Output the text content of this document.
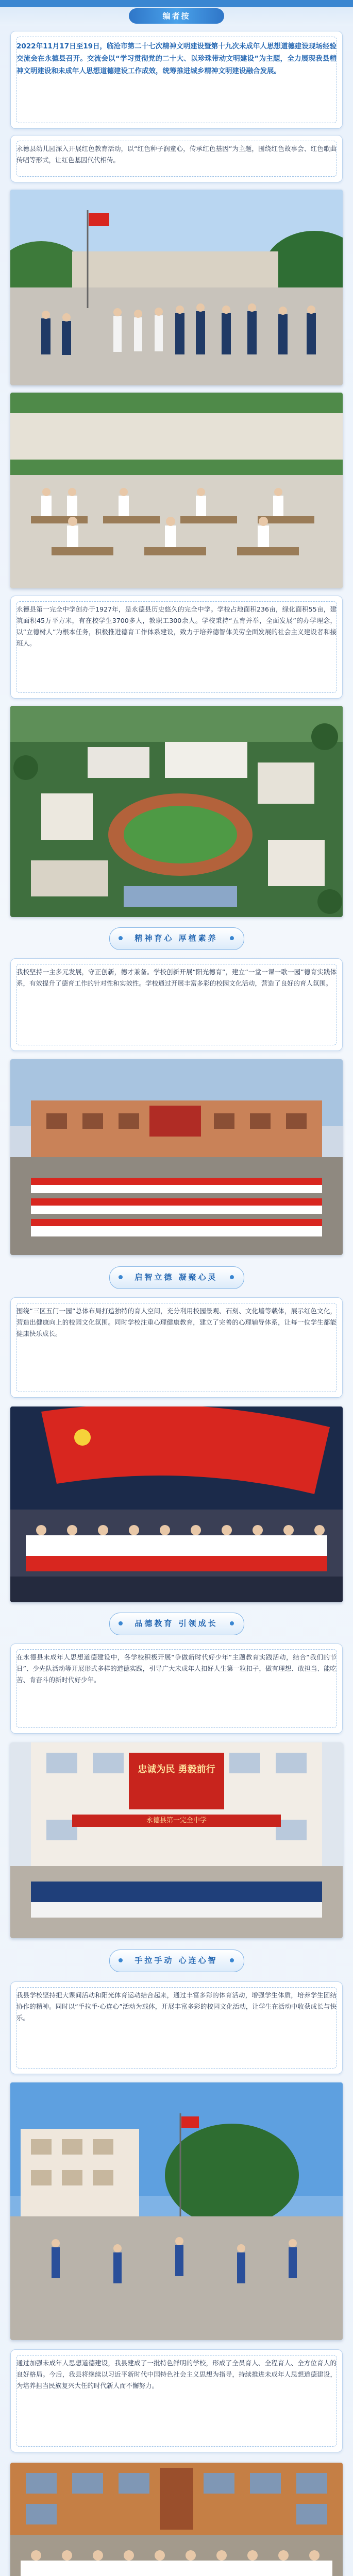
编者按
2022年11月17日至19日，临沧市第二十七次精神文明建设暨第十九次未成年人思想道德建设现场经验交流会在永德县召开。交流会以“学习贯彻党的二十大、以珍珠带动文明建设”为主题，全力展现我县精神文明建设和未成年人思想道德建设工作成效，统筹推进城乡精神文明建设融合发展。
永德县幼儿园深入开展红色教育活动，以“红色种子润童心，传承红色基因”为主题，围绕红色故事会、红色歌曲传唱等形式，让红色基因代代相传。
永德县第一完全中学创办于1927年，是永德县历史悠久的完全中学。学校占地面积236亩，绿化面积55亩，建筑面积45万平方米，有在校学生3700多人，教职工300余人。学校秉持“五育并举，全面发展”的办学理念，以“立德树人”为根本任务，积极推进德育工作体系建设，致力于培养德智体美劳全面发展的社会主义建设者和接班人。
精神育心 厚植素养
我校坚持一主多元发展，守正创新，德才兼备。学校创新开展“阳光德育”，建立“一堂一课一歌一园”德育实践体系，有效提升了德育工作的针对性和实效性。学校通过开展丰富多彩的校园文化活动，营造了良好的育人氛围。
启智立德 凝聚心灵
围绕“三区五门一园”总体布局打造独特的育人空间，充分利用校园景观、石刻、文化墙等载体，展示红色文化，营造出健康向上的校园文化氛围。同时学校注重心理健康教育，建立了完善的心理辅导体系，让每一位学生都能健康快乐成长。
品德教育 引领成长
在永德县未成年人思想道德建设中，各学校积极开展“争做新时代好少年”主题教育实践活动，结合“我们的节日”、少先队活动等开展形式多样的道德实践，引导广大未成年人扣好人生第一粒扣子，做有理想、敢担当、能吃苦、肯奋斗的新时代好少年。
忠诚为民 勇毅前行
永德县第一完全中学
手拉手动 心连心智
我县学校坚持把大课间活动和阳光体育运动结合起来，通过丰富多彩的体育活动，增强学生体质，培养学生团结协作的精神。同时以“手拉手·心连心”活动为载体，开展丰富多彩的校园文化活动，让学生在活动中收获成长与快乐。
通过加强未成年人思想道德建设，我县建成了一批特色鲜明的学校，形成了全员育人、全程育人、全方位育人的良好格局。今后，我县将继续以习近平新时代中国特色社会主义思想为指导，持续推进未成年人思想道德建设，为培养担当民族复兴大任的时代新人而不懈努力。
